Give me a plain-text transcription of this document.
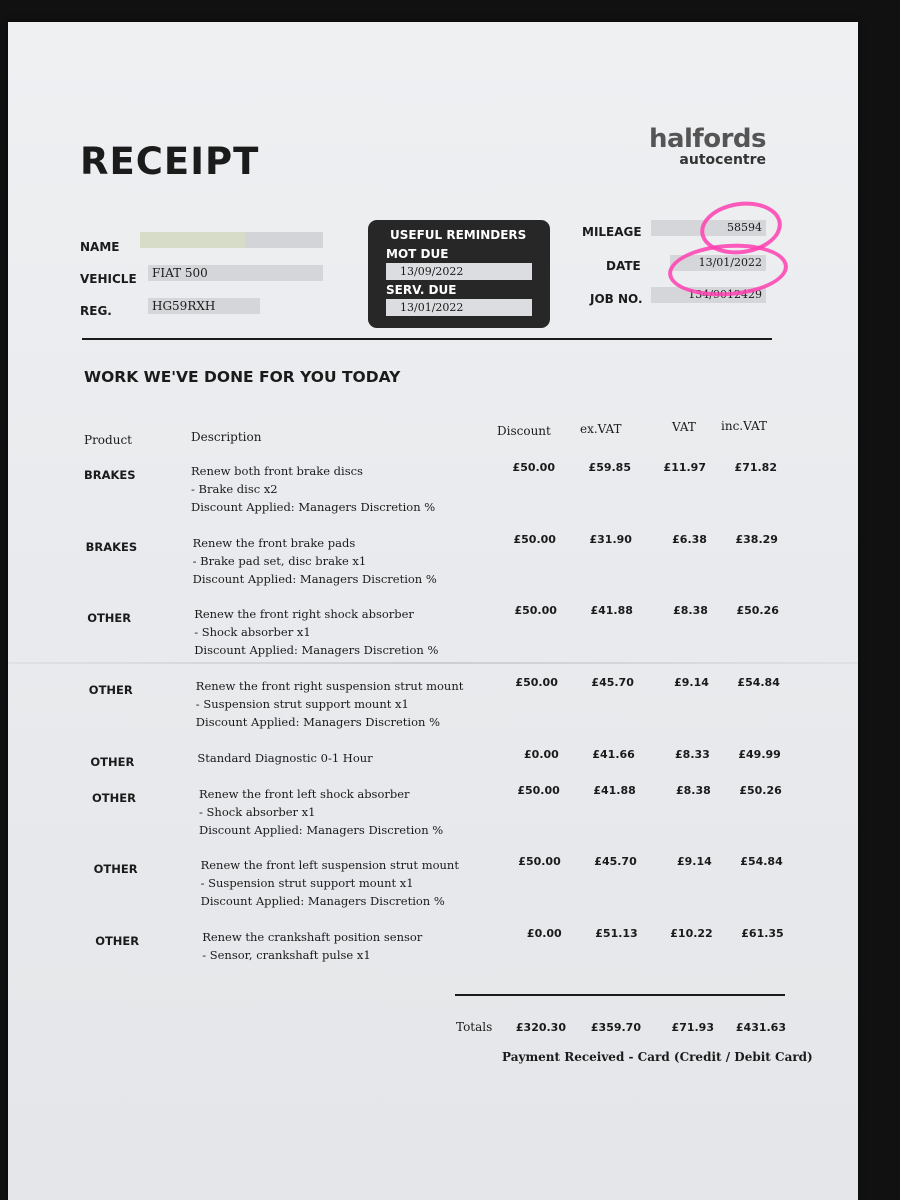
RECEIPT
halfords
autocentre
NAME
VEHICLE FIAT 500
REG.	HG59RXH
USEFUL REMINDERS
MOT DUE
13/09/2022
SERV. DUE
13/01/2022
MILEAGE	58594
DATE	13/01/2022
JOB NO.	134/9012429
WORK WE'VE DONE FOR YOU TODAY
Product	Description	Discount ex.VAT	VAT inc.VAT
BRAKES	Renew both front brake discs
- Brake disc x2
Discount Applied: Managers Discretion %
£50.00	£59.85	£11.97	£71.82
BRAKES	Renew the front brake pads
- Brake pad set, disc brake x1
Discount Applied: Managers Discretion %
£50.00	£31.90	£6.38	£38.29
OTHER	Renew the front right shock absorber
- Shock absorber x1
Discount Applied: Managers Discretion %
£50.00	£41.88	£8.38	£50.26
OTHER	Renew the front right suspension strut mount
- Suspension strut support mount x1
Discount Applied: Managers Discretion %
£50.00	£45.70	£9.14	£54.84
OTHER	Standard Diagnostic 0-1 Hour	£0.00	£41.66	£8.33	£49.99
OTHER	Renew the front left shock absorber
- Shock absorber x1
Discount Applied: Managers Discretion %
£50.00	£41.88	£8.38	£50.26
OTHER	Renew the front left suspension strut mount
- Suspension strut support mount x1
Discount Applied: Managers Discretion %
£50.00	£45.70	£9.14	£54.84
OTHER	Renew the crankshaft position sensor
- Sensor, crankshaft pulse x1
£0.00	£51.13	£10.22	£61.35
Totals	£320.30	£359.70	£71.93	£431.63
Payment Received - Card (Credit / Debit Card)
